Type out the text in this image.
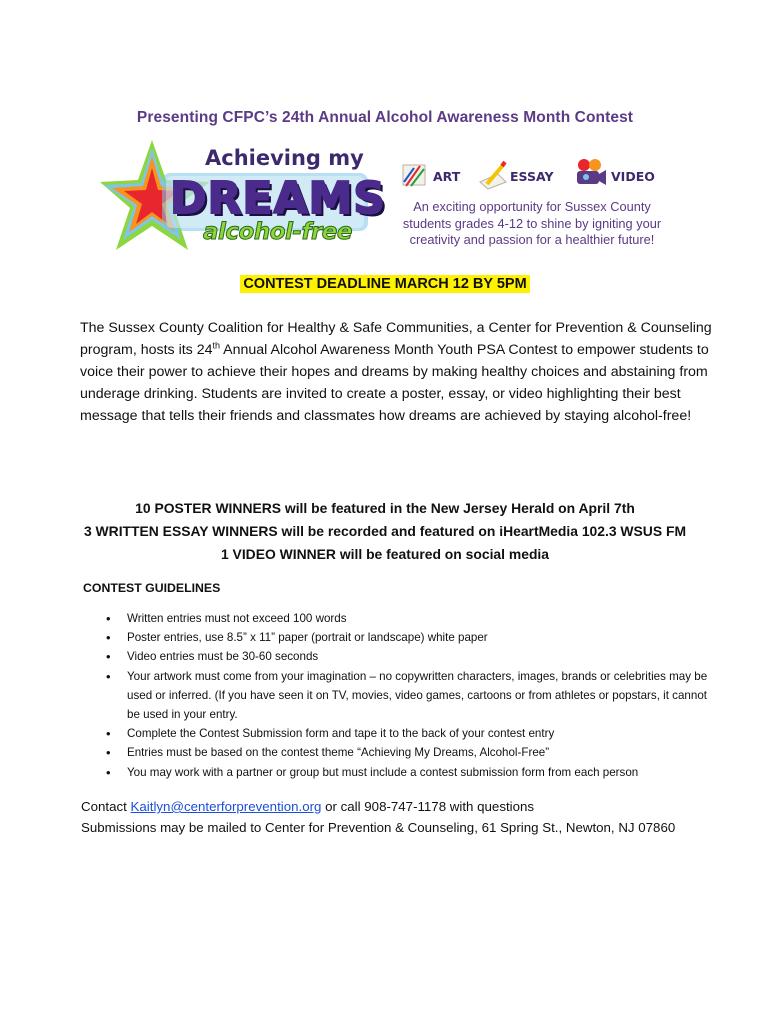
Presenting CFPC’s 24th Annual Alcohol Awareness Month Contest
Achieving my
DREAMS
alcohol-free
ART	ESSAY	VIDEO
An exciting opportunity for Sussex County students grades 4-12 to shine by igniting your creativity and passion for a healthier future!
CONTEST DEADLINE MARCH 12 BY 5PM
The Sussex County Coalition for Healthy & Safe Communities, a Center for Prevention & Counseling program, hosts its 24th Annual Alcohol Awareness Month Youth PSA Contest to empower students to voice their power to achieve their hopes and dreams by making healthy choices and abstaining from underage drinking. Students are invited to create a poster, essay, or video highlighting their best message that tells their friends and classmates how dreams are achieved by staying alcohol-free!
10 POSTER WINNERS will be featured in the New Jersey Herald on April 7th
3 WRITTEN ESSAY WINNERS will be recorded and featured on iHeartMedia 102.3 WSUS FM
1 VIDEO WINNER will be featured on social media
CONTEST GUIDELINES
• Written entries must not exceed 100 words
• Poster entries, use 8.5” x 11” paper (portrait or landscape) white paper
• Video entries must be 30-60 seconds
• Your artwork must come from your imagination – no copywritten characters, images, brands or celebrities may be used or inferred. (If you have seen it on TV, movies, video games, cartoons or from athletes or popstars, it cannot be used in your entry.
• Complete the Contest Submission form and tape it to the back of your contest entry
• Entries must be based on the contest theme “Achieving My Dreams, Alcohol-Free”
• You may work with a partner or group but must include a contest submission form from each person
Contact Kaitlyn@centerforprevention.org or call 908-747-1178 with questions
Submissions may be mailed to Center for Prevention & Counseling, 61 Spring St., Newton, NJ 07860
